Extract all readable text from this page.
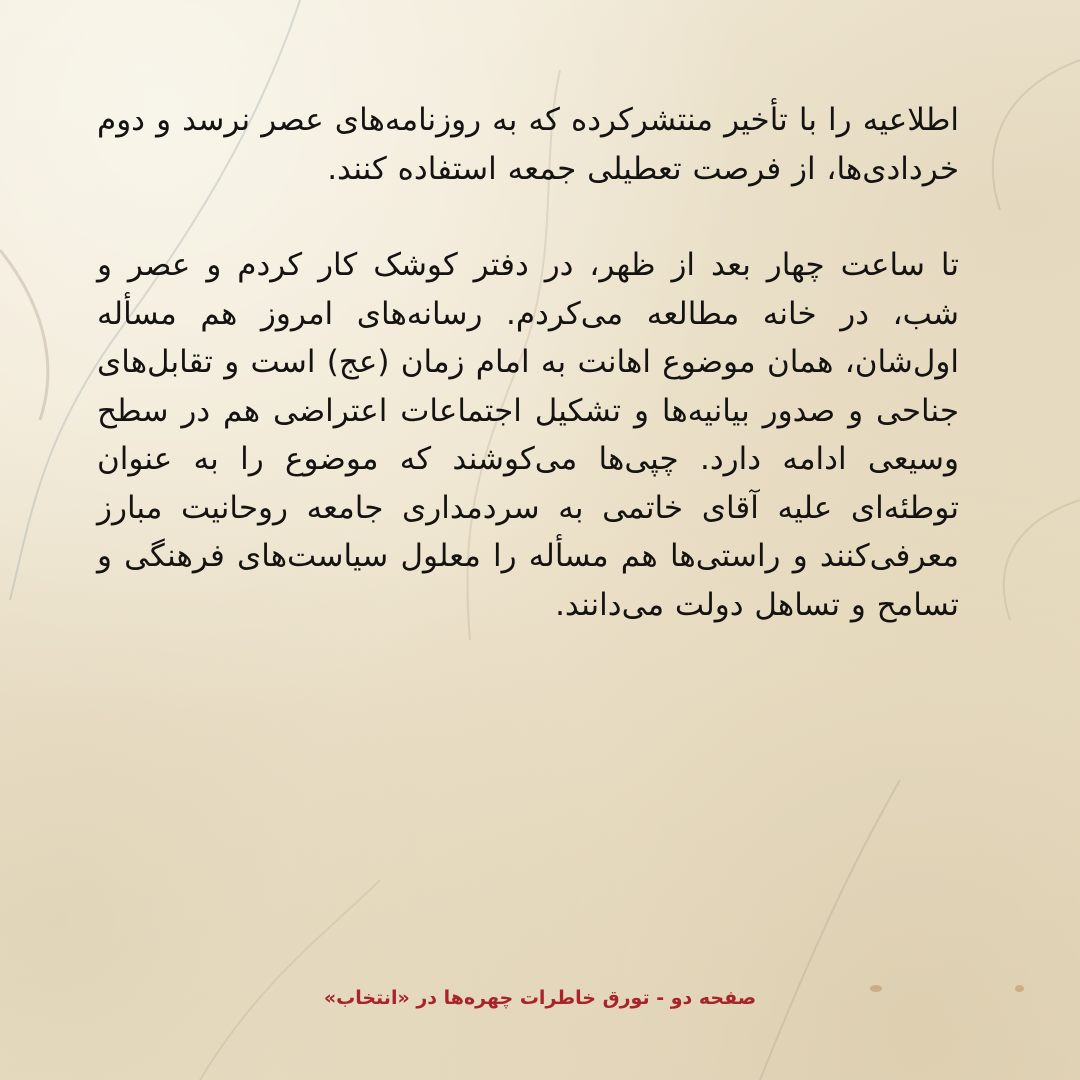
اطلاعیه را با تأخیر منتشرکرده که به روزنامه‌های عصر نرسد و دوم خردادی‌ها، از فرصت تعطیلی جمعه استفاده کنند.

تا ساعت چهار بعد از ظهر، در دفتر کوشک کار کردم و عصر و شب، در خانه مطالعه می‌کردم. رسانه‌های امروز هم مسأله اول‌شان، همان موضوع اهانت به امام زمان (عج) است و تقابل‌های جناحی و صدور بیانیه‌ها و تشکیل اجتماعات اعتراضی هم در سطح وسیعی ادامه دارد. چپی‌ها می‌کوشند که موضوع را به عنوان توطئه‌ای علیه آقای خاتمی به سردمداری جامعه روحانیت مبارز معرفی‌کنند و راستی‌ها هم مسأله را معلول سیاست‌های فرهنگی و تسامح و تساهل دولت می‌دانند.

صفحه دو - تورق خاطرات چهره‌ها در «انتخاب»
